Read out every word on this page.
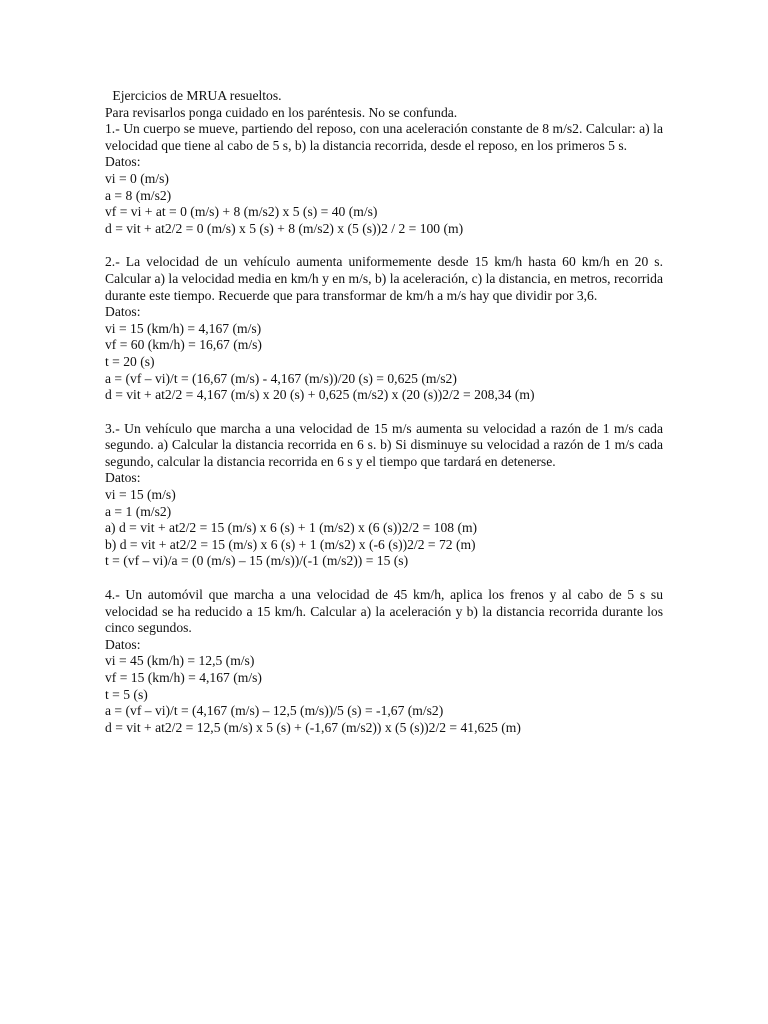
Ejercicios de MRUA resueltos.
Para revisarlos ponga cuidado en los paréntesis. No se confunda.
1.- Un cuerpo se mueve, partiendo del reposo, con una aceleración constante de 8 m/s2. Calcular: a) la velocidad que tiene al cabo de 5 s, b) la distancia recorrida, desde el reposo, en los primeros 5 s.
Datos:
vi = 0 (m/s)
a = 8 (m/s2)
vf = vi + at = 0 (m/s) + 8 (m/s2) x 5 (s) = 40 (m/s)
d = vit + at2/2 = 0 (m/s) x 5 (s) + 8 (m/s2) x (5 (s))2 / 2 = 100 (m)
2.- La velocidad de un vehículo aumenta uniformemente desde 15 km/h hasta 60 km/h en 20 s. Calcular a) la velocidad media en km/h y en m/s, b) la aceleración, c) la distancia, en metros, recorrida durante este tiempo. Recuerde que para transformar de km/h a m/s hay que dividir por 3,6.
Datos:
vi = 15 (km/h) = 4,167 (m/s)
vf = 60 (km/h) = 16,67 (m/s)
t = 20 (s)
a = (vf – vi)/t = (16,67 (m/s) - 4,167 (m/s))/20 (s) = 0,625 (m/s2)
d = vit + at2/2 = 4,167 (m/s) x 20 (s) + 0,625 (m/s2) x (20 (s))2/2 = 208,34 (m)
3.- Un vehículo que marcha a una velocidad de 15 m/s aumenta su velocidad a razón de 1 m/s cada segundo. a) Calcular la distancia recorrida en 6 s. b) Si disminuye su velocidad a razón de 1 m/s cada segundo, calcular la distancia recorrida en 6 s y el tiempo que tardará en detenerse.
Datos:
vi = 15 (m/s)
a = 1 (m/s2)
a) d = vit + at2/2 = 15 (m/s) x 6 (s) + 1 (m/s2) x (6 (s))2/2 = 108 (m)
b) d = vit + at2/2 = 15 (m/s) x 6 (s) + 1 (m/s2) x (-6 (s))2/2 = 72 (m)
t = (vf – vi)/a = (0 (m/s) – 15 (m/s))/(-1 (m/s2)) = 15 (s)
4.- Un automóvil que marcha a una velocidad de 45 km/h, aplica los frenos y al cabo de 5 s su velocidad se ha reducido a 15 km/h. Calcular a) la aceleración y b) la distancia recorrida durante los cinco segundos.
Datos:
vi = 45 (km/h) = 12,5 (m/s)
vf = 15 (km/h) = 4,167 (m/s)
t = 5 (s)
a = (vf – vi)/t = (4,167 (m/s) – 12,5 (m/s))/5 (s) = -1,67 (m/s2)
d = vit + at2/2 = 12,5 (m/s) x 5 (s) + (-1,67 (m/s2)) x (5 (s))2/2 = 41,625 (m)
